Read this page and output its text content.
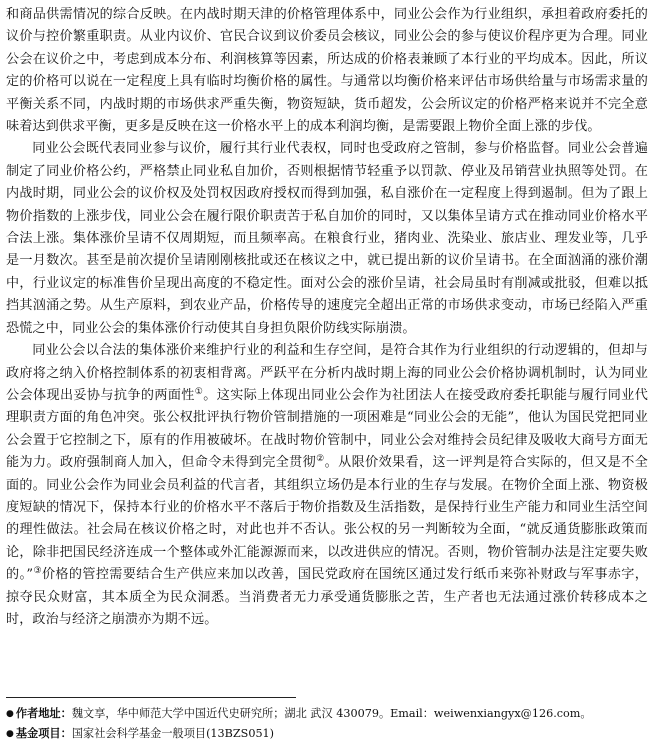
和商品供需情况的综合反映。在内战时期天津的价格管理体系中，同业公会作为行业组织，承担着政府委托的议价与控价繁重职责。从业内议价、官民合议到议价委员会核议，同业公会的参与使议价程序更为合理。同业公会在议价之中，考虑到成本分布、利润核算等因素，所达成的价格表兼顾了本行业的平均成本。因此，所议定的价格可以说在一定程度上具有临时均衡价格的属性。与通常以均衡价格来评估市场供给量与市场需求量的平衡关系不同，内战时期的市场供求严重失衡，物资短缺，货币超发，公会所议定的价格严格来说并不完全意味着达到供求平衡，更多是反映在这一价格水平上的成本利润均衡，是需要跟上物价全面上涨的步伐。

同业公会既代表同业参与议价，履行其行业代表权，同时也受政府之管制，参与价格监督。同业公会普遍制定了同业价格公约，严格禁止同业私自加价，否则根据情节轻重予以罚款、停业及吊销营业执照等处罚。在内战时期，同业公会的议价权及处罚权因政府授权而得到加强，私自涨价在一定程度上得到遏制。但为了跟上物价指数的上涨步伐，同业公会在履行限价职责苦于私自加价的同时，又以集体呈请方式在推动同业价格水平合法上涨。集体涨价呈请不仅周期短，而且频率高。在粮食行业，猪肉业、洗染业、旅店业、理发业等，几乎是一月数次。甚至是前次提价呈请刚刚核批或还在核议之中，就已提出新的议价呈请书。在全面汹涌的涨价潮中，行业议定的标准售价呈现出高度的不稳定性。面对公会的涨价呈请，社会局虽时有削减或批驳，但难以抵挡其汹涌之势。从生产原料，到农业产品，价格传导的速度完全超出正常的市场供求变动，市场已经陷入严重恐慌之中，同业公会的集体涨价行动使其自身担负限价防线实际崩溃。

同业公会以合法的集体涨价来维护行业的利益和生存空间，是符合其作为行业组织的行动逻辑的，但却与政府将之纳入价格控制体系的初衷相背离。严跃平在分析内战时期上海的同业公会价格协调机制时，认为同业公会体现出妥协与抗争的两面性①。这实际上体现出同业公会作为社团法人在接受政府委托职能与履行同业代理职责方面的角色冲突。张公权批评执行物价管制措施的一项困难是“同业公会的无能”，他认为国民党把同业公会置于它控制之下，原有的作用被破坏。在战时物价管制中，同业公会对维持会员纪律及吸收大商号方面无能为力。政府强制商人加入，但命令未得到完全贯彻②。从限价效果看，这一评判是符合实际的，但又是不全面的。同业公会作为同业会员利益的代言者，其组织立场仍是本行业的生存与发展。在物价全面上涨、物资极度短缺的情况下，保持本行业的价格水平不落后于物价指数及生活指数，是保持行业生产能力和同业生活空间的理性做法。社会局在核议价格之时，对此也并不否认。张公权的另一判断较为全面，“就反通货膨胀政策而论，除非把国民经济连成一个整体或外汇能源源而来，以改进供应的情况。否则，物价管制办法是注定要失败的。”③价格的管控需要结合生产供应来加以改善，国民党政府在国统区通过发行纸币来弥补财政与军事赤字，掠夺民众财富，其本质全为民众洞悉。当消费者无力承受通货膨胀之苦，生产者也无法通过涨价转移成本之时，政治与经济之崩溃亦为期不远。

● 作者地址：魏文享，华中师范大学中国近代史研究所；湖北 武汉 430079。Email：weiwenxiangyx@126.com。
● 基金项目：国家社会科学基金一般项目(13BZS051)
